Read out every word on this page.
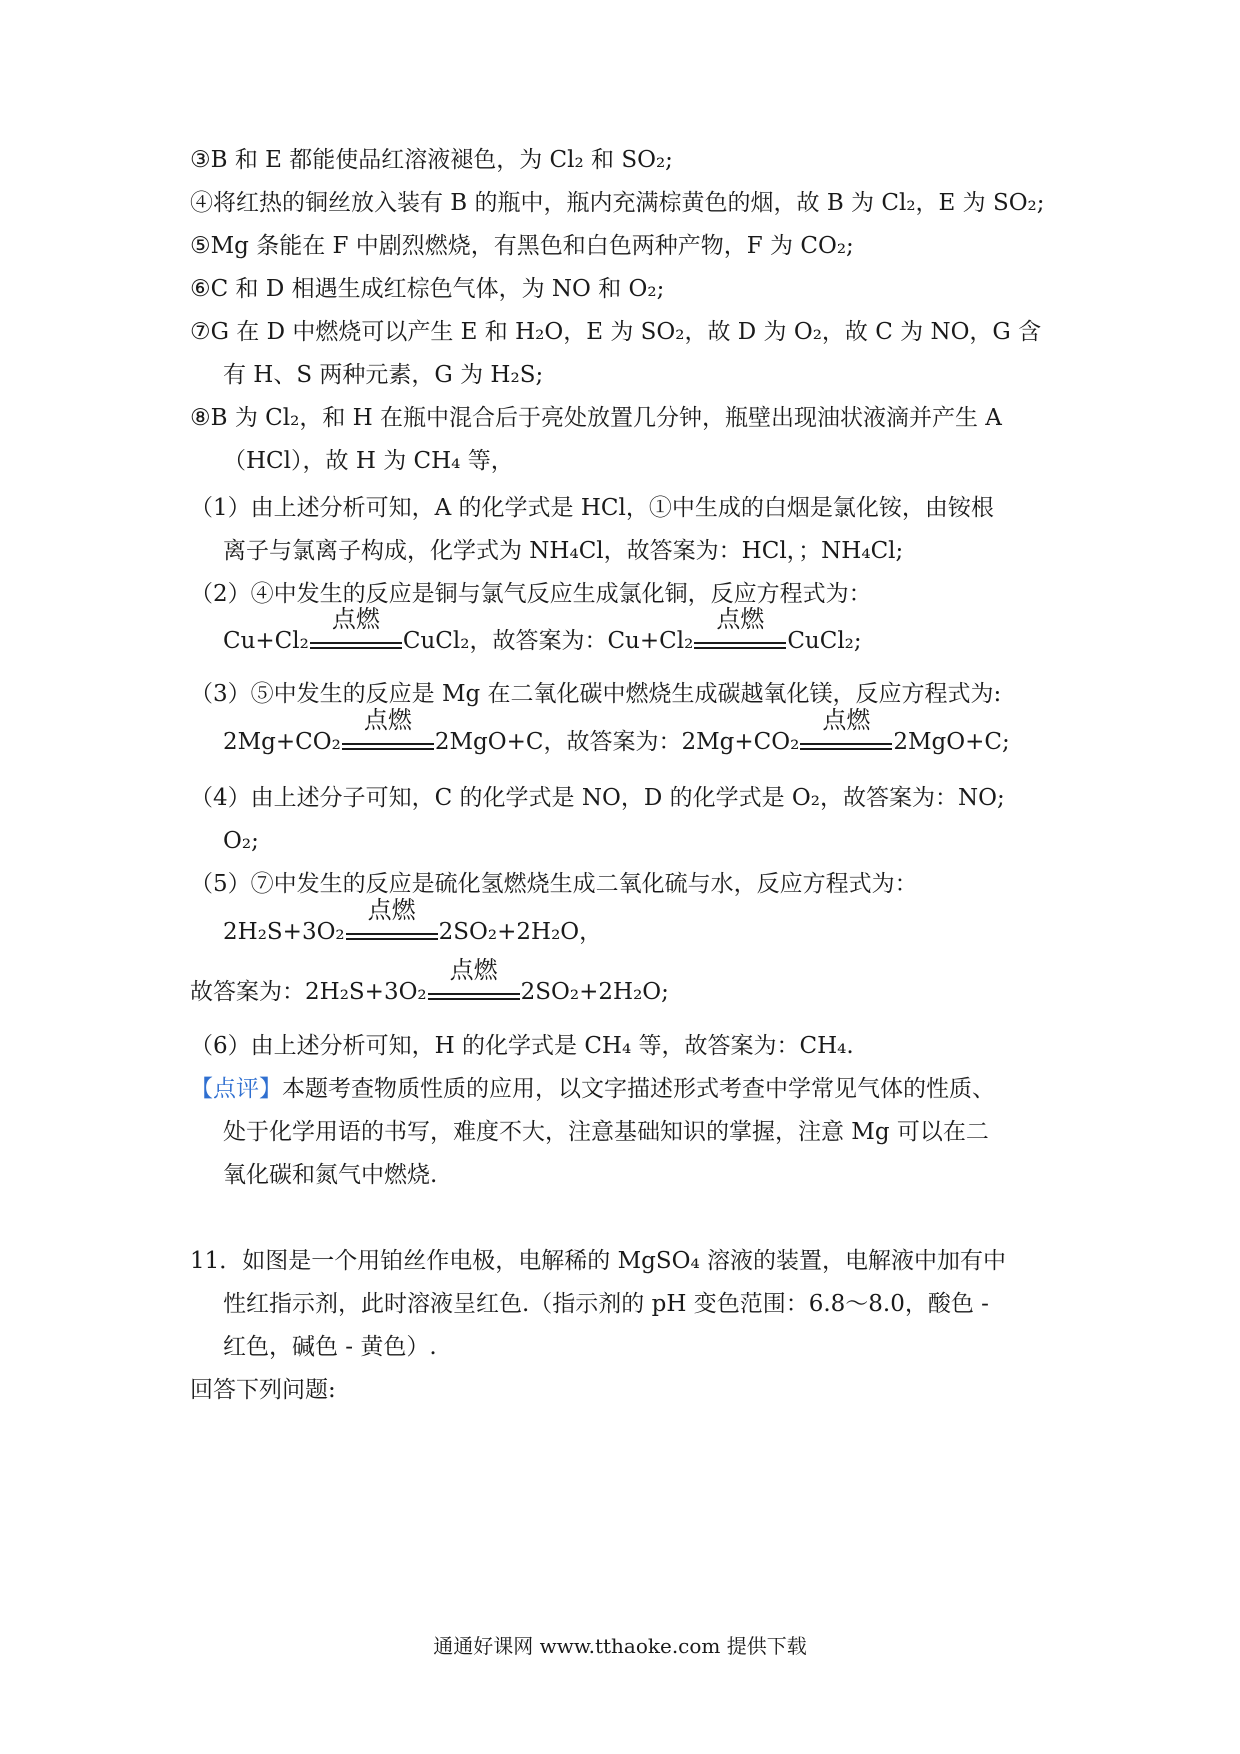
③B 和 E 都能使品红溶液褪色，为 Cl₂ 和 SO₂;
④将红热的铜丝放入装有 B 的瓶中，瓶内充满棕黄色的烟，故 B 为 Cl₂，E 为 SO₂;
⑤Mg 条能在 F 中剧烈燃烧，有黑色和白色两种产物，F 为 CO₂;
⑥C 和 D 相遇生成红棕色气体，为 NO 和 O₂;
⑦G 在 D 中燃烧可以产生 E 和 H₂O，E 为 SO₂，故 D 为 O₂，故 C 为 NO，G 含
有 H、S 两种元素，G 为 H₂S;
⑧B 为 Cl₂，和 H 在瓶中混合后于亮处放置几分钟，瓶壁出现油状液滴并产生 A
（HCl），故 H 为 CH₄ 等，
（1）由上述分析可知，A 的化学式是 HCl，①中生成的白烟是氯化铵，由铵根
离子与氯离子构成，化学式为 NH₄Cl，故答案为：HCl，；NH₄Cl;
（2）④中发生的反应是铜与氯气反应生成氯化铜，反应方程式为：
Cu+Cl₂
点燃
CuCl₂，故答案为：Cu+Cl₂
点燃
CuCl₂;
（3）⑤中发生的反应是 Mg 在二氧化碳中燃烧生成碳越氧化镁，反应方程式为:
2Mg+CO₂
点燃
2MgO+C，故答案为：2Mg+CO₂
点燃
2MgO+C;
（4）由上述分子可知，C 的化学式是 NO，D 的化学式是 O₂，故答案为：NO;
O₂;
（5）⑦中发生的反应是硫化氢燃烧生成二氧化硫与水，反应方程式为：
2H₂S+3O₂
点燃
2SO₂+2H₂O，
故答案为：2H₂S+3O₂
点燃
2SO₂+2H₂O;
（6）由上述分析可知，H 的化学式是 CH₄ 等，故答案为：CH₄.
【点评】本题考查物质性质的应用，以文字描述形式考查中学常见气体的性质、
处于化学用语的书写，难度不大，注意基础知识的掌握，注意 Mg 可以在二
氧化碳和氮气中燃烧.
11．如图是一个用铂丝作电极，电解稀的 MgSO₄ 溶液的装置，电解液中加有中
性红指示剂，此时溶液呈红色.（指示剂的 pH 变色范围：6.8～8.0，酸色 -
红色，碱色 - 黄色）.
回答下列问题:
通通好课网 www.tthaoke.com 提供下载
